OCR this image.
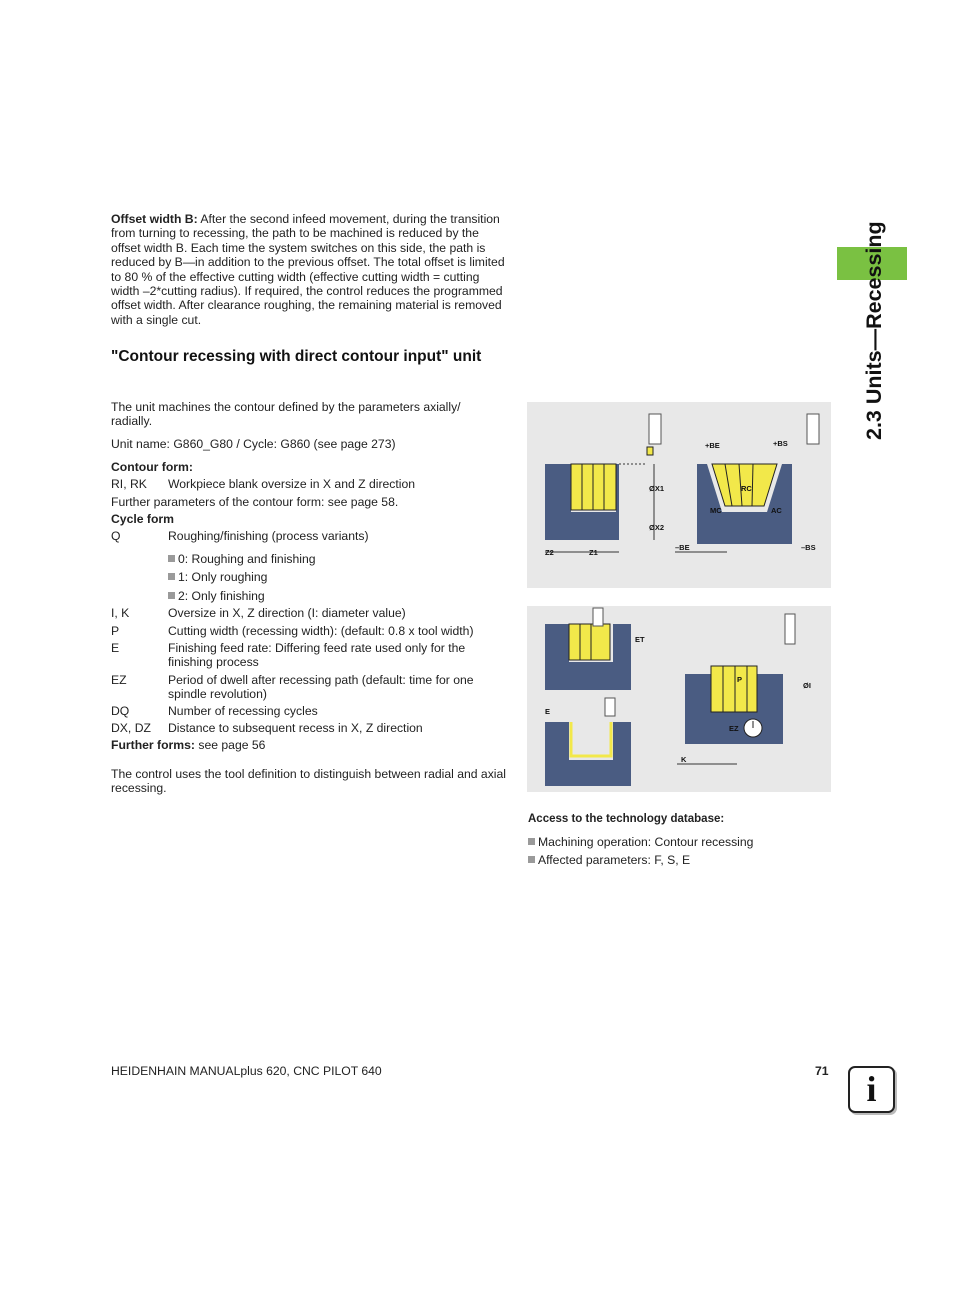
2.3 Units—Recessing
Offset width B: After the second infeed movement, during the transition from turning to recessing, the path to be machined is reduced by the offset width B. Each time the system switches on this side, the path is reduced by B—in addition to the previous offset. The total offset is limited to 80 % of the effective cutting width (effective cutting width = cutting width –2*cutting radius). If required, the control reduces the programmed offset width. After clearance roughing, the remaining material is removed with a single cut.
"Contour recessing with direct contour input" unit
The unit machines the contour defined by the parameters axially/ radially.
Unit name: G860_G80 / Cycle: G860 (see page 273)
Contour form:
RI, RK	Workpiece blank oversize in X and Z direction
Further parameters of the contour form: see page 58.
Cycle form
Q	Roughing/finishing (process variants)
0: Roughing and finishing
1: Only roughing
2: Only finishing
I, K	Oversize in X, Z direction (I: diameter value)
P	Cutting width (recessing width): (default: 0.8 x tool width)
E	Finishing feed rate: Differing feed rate used only for the finishing process
EZ	Period of dwell after recessing path (default: time for one spindle revolution)
DQ	Number of recessing cycles
DX, DZ	Distance to subsequent recess in X, Z direction
Further forms: see page 56
The control uses the tool definition to distinguish between radial and axial recessing.
ØX1
ØX2
Z2	Z1
+BE	+BS
RC
MC	AC
–BE	–BS
ET
E
P
ØI
EZ
K
Access to the technology database:
Machining operation: Contour recessing
Affected parameters: F, S, E
HEIDENHAIN MANUALplus 620, CNC PILOT 640	71	i
